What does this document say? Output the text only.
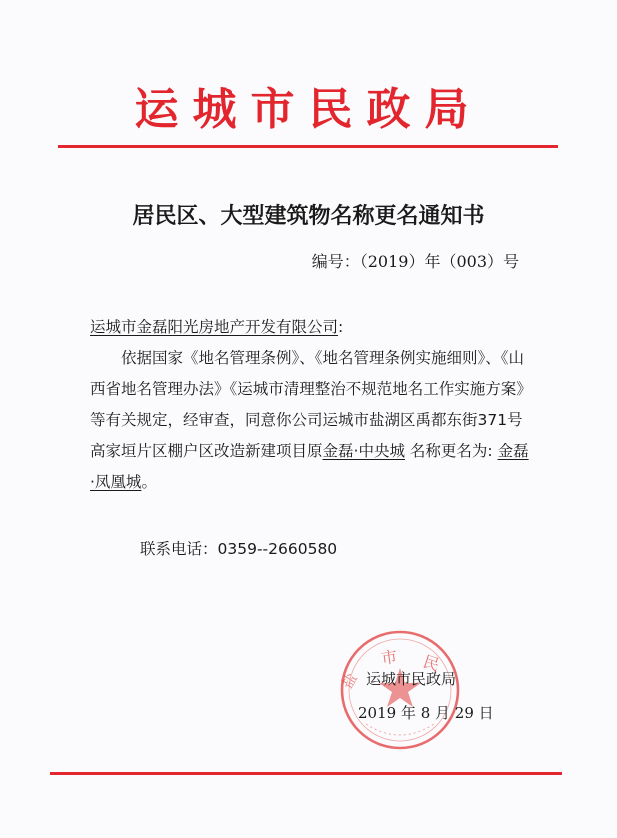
运城市民政局
居民区、大型建筑物名称更名通知书
编号：（2019）年（003）号

运城市金磊阳光房地产开发有限公司:

依据国家《地名管理条例》、《地名管理条例实施细则》、《山西省地名管理办法》《运城市清理整治不规范地名工作实施方案》等有关规定，经审查，同意你公司运城市盐湖区禹都东街371号高家垣片区棚户区改造新建项目原金磊·中央城 名称更名为: 金磊·凤凰城。

联系电话：0359--2660580
市 民
盐 运城市民政局
2019 年 8 月 29 日
